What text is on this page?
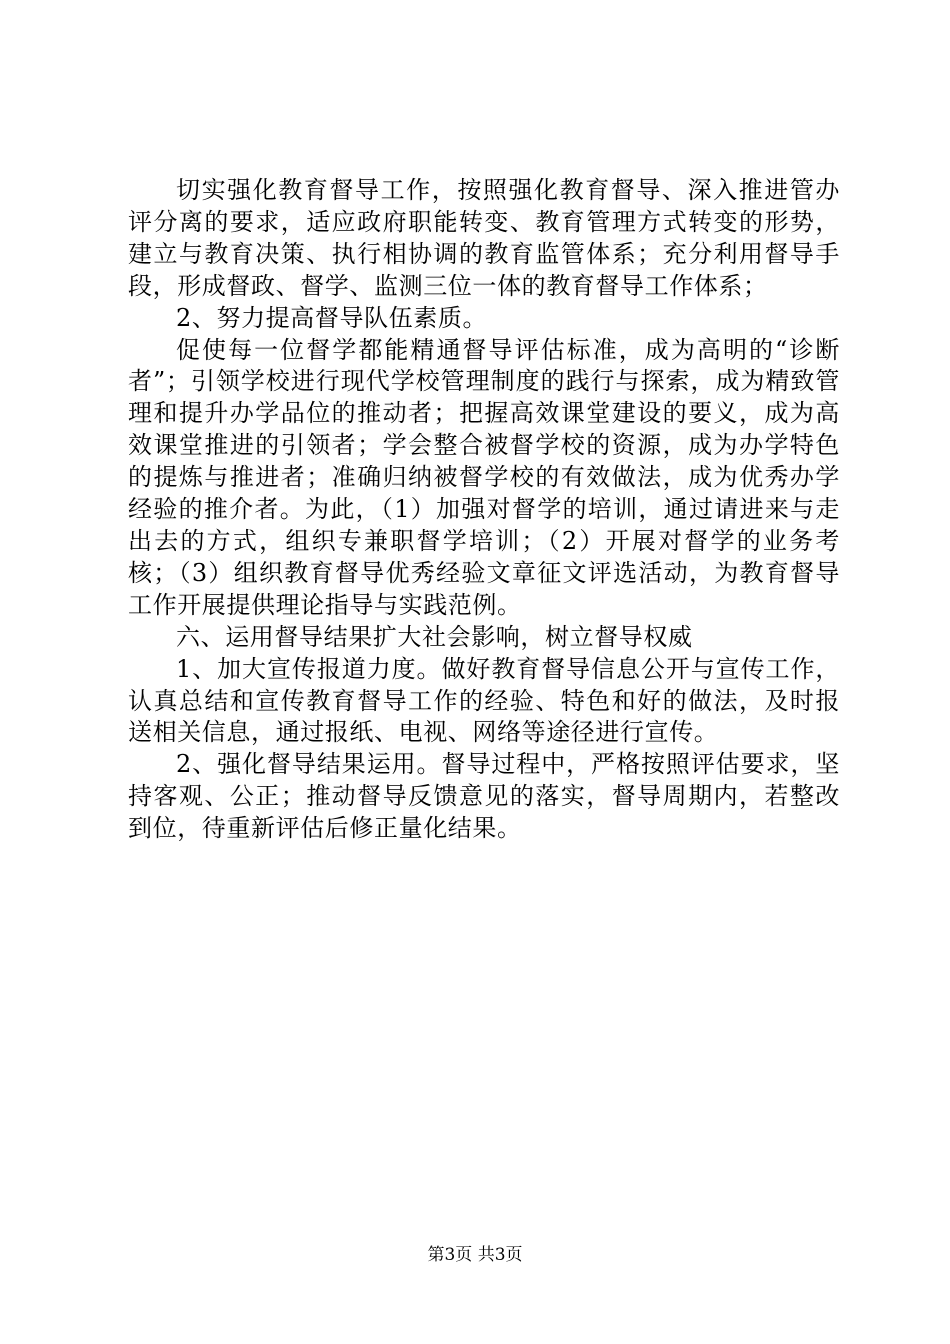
切实强化教育督导工作，按照强化教育督导、深入推进管办评分离的要求，适应政府职能转变、教育管理方式转变的形势，建立与教育决策、执行相协调的教育监管体系；充分利用督导手段，形成督政、督学、监测三位一体的教育督导工作体系；

2、努力提高督导队伍素质。

促使每一位督学都能精通督导评估标准，成为高明的“诊断者”；引领学校进行现代学校管理制度的践行与探索，成为精致管理和提升办学品位的推动者；把握高效课堂建设的要义，成为高效课堂推进的引领者；学会整合被督学校的资源，成为办学特色的提炼与推进者；准确归纳被督学校的有效做法，成为优秀办学经验的推介者。为此，（1）加强对督学的培训，通过请进来与走出去的方式，组织专兼职督学培训；（2）开展对督学的业务考核；（3）组织教育督导优秀经验文章征文评选活动，为教育督导工作开展提供理论指导与实践范例。

六、运用督导结果扩大社会影响，树立督导权威

1、加大宣传报道力度。做好教育督导信息公开与宣传工作，认真总结和宣传教育督导工作的经验、特色和好的做法，及时报送相关信息，通过报纸、电视、网络等途径进行宣传。

2、强化督导结果运用。督导过程中，严格按照评估要求，坚持客观、公正；推动督导反馈意见的落实，督导周期内，若整改到位，待重新评估后修正量化结果。

第3页 共3页
